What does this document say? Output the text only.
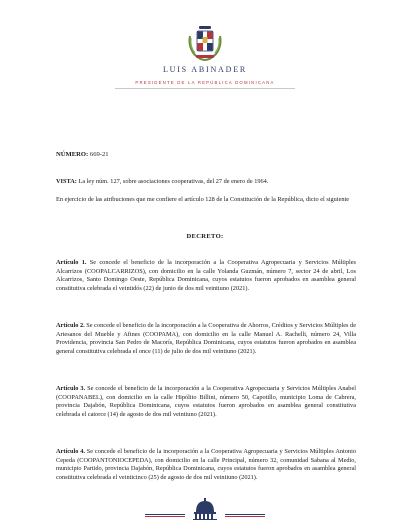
LUIS ABINADER
PRESIDENTE DE LA REPÚBLICA DOMINICANA
NÚMERO: 669-21
VISTA: La ley núm. 127, sobre asociaciones cooperativas, del 27 de enero de 1964.
En ejercicio de las atribuciones que me confiere el artículo 128 de la Constitución de la República, dicto el siguiente
DECRETO:
Artículo 1. Se concede el beneficio de la incorporación a la Cooperativa Agropecuaria y Servicios Múltiples Alcarrizos (COOPALCARRIZOS), con domicilio en la calle Yolanda Guzmán, número 7, sector 24 de abril, Los Alcarrizos, Santo Domingo Oeste, República Dominicana, cuyos estatutos fueron aprobados en asamblea general constitutiva celebrada el veintidós (22) de junio de dos mil veintiuno (2021).
Artículo 2. Se concede el beneficio de la incorporación a la Cooperativa de Ahorros, Créditos y Servicios Múltiples de Artesanos del Mueble y Afines (COOPAMA), con domicilio en la calle Manuel A. Rachelli, número 24, Villa Providencia, provincia San Pedro de Macorís, República Dominicana, cuyos estatutos fueron aprobados en asamblea general constitutiva celebrada el once (11) de julio de dos mil veintiuno (2021).
Artículo 3. Se concede el beneficio de la incorporación a la Cooperativa Agropecuaria y Servicios Múltiples Anabel (COOPANABEL), con domicilio en la calle Hipólito Billini, número 50, Capotillo, municipio Loma de Cabrera, provincia Dajabón, República Dominicana, cuyos estatutos fueron aprobados en asamblea general constitutiva celebrada el catorce (14) de agosto de dos mil veintiuno (2021).
Artículo 4. Se concede el beneficio de la incorporación a la Cooperativa Agropecuaria y Servicios Múltiples Antonio Cepeda (COOPANTONIOCEPEDA), con domicilio en la calle Principal, número 32, comunidad Sabana al Medio, municipio Partido, provincia Dajabón, República Dominicana, cuyos estatutos fueron aprobados en asamblea general constitutiva celebrada el veinticinco (25) de agosto de dos mil veintiuno (2021).
